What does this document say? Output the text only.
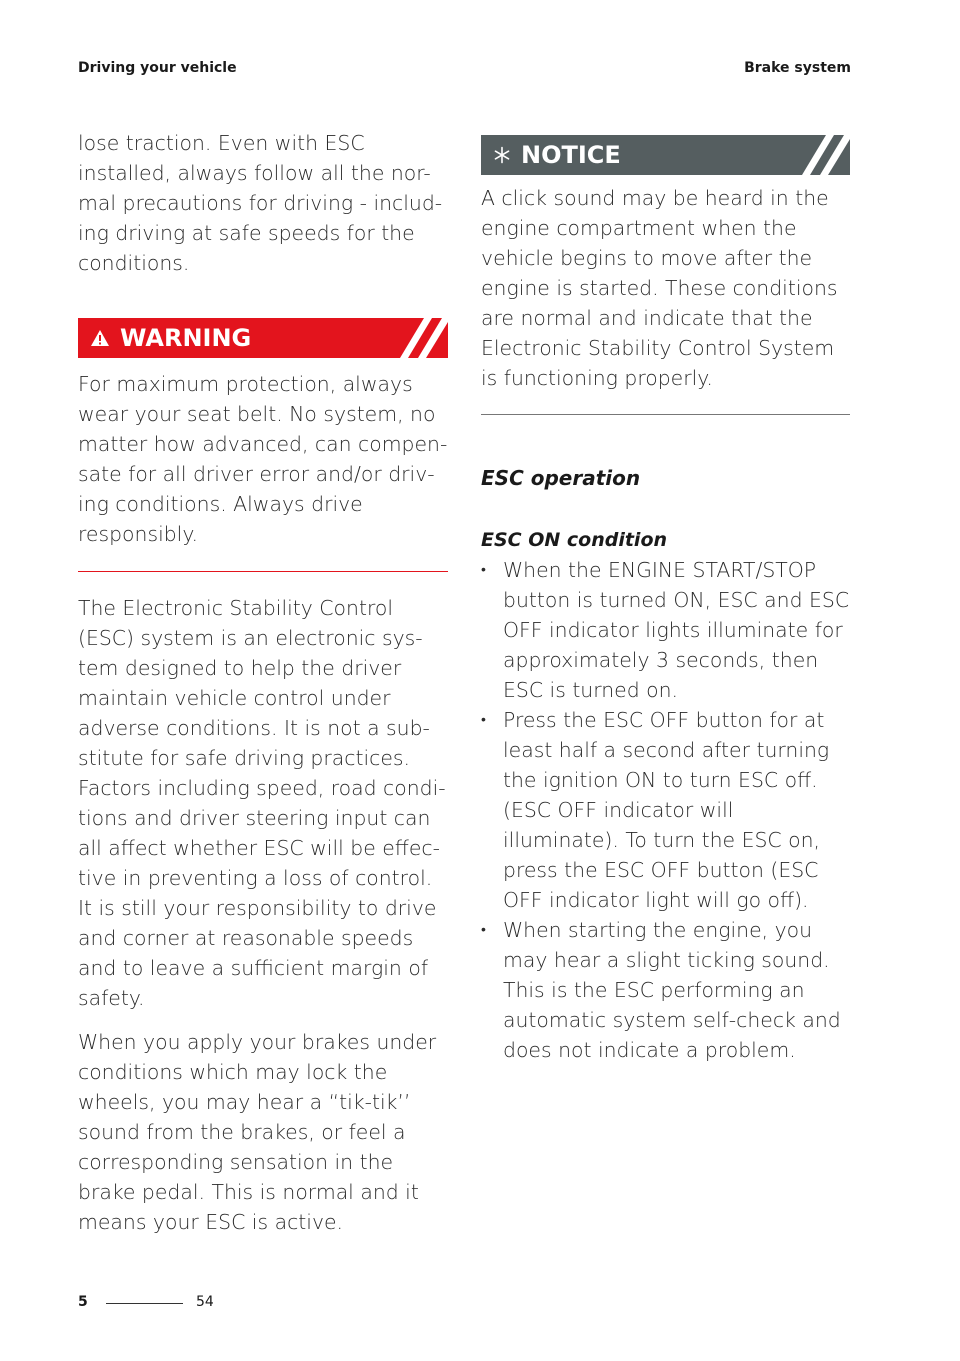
Driving your vehicle	Brake system

lose traction. Even with ESC installed, always follow all the nor-mal precautions for driving - includ-ing driving at safe speeds for the conditions.

WARNING

For maximum protection, always wear your seat belt. No system, no matter how advanced, can compen-sate for all driver error and/or driv-ing conditions. Always drive responsibly.

The Electronic Stability Control (ESC) system is an electronic sys-tem designed to help the driver maintain vehicle control under adverse conditions. It is not a sub-stitute for safe driving practices. Factors including speed, road condi-tions and driver steering input can all affect whether ESC will be effec-tive in preventing a loss of control. It is still your responsibility to drive and corner at reasonable speeds and to leave a sufficient margin of safety.

When you apply your brakes under conditions which may lock the wheels, you may hear a “tik-tik’’ sound from the brakes, or feel a corresponding sensation in the brake pedal. This is normal and it means your ESC is active.

NOTICE

A click sound may be heard in the engine compartment when the vehicle begins to move after the engine is started. These conditions are normal and indicate that the Electronic Stability Control System is functioning properly.

ESC operation

ESC ON condition

• When the ENGINE START/STOP button is turned ON, ESC and ESC OFF indicator lights illuminate for approximately 3 seconds, then ESC is turned on.
• Press the ESC OFF button for at least half a second after turning the ignition ON to turn ESC off. (ESC OFF indicator will illuminate). To turn the ESC on, press the ESC OFF button (ESC OFF indicator light will go off).
• When starting the engine, you may hear a slight ticking sound. This is the ESC performing an automatic system self-check and does not indicate a problem.
5	54
